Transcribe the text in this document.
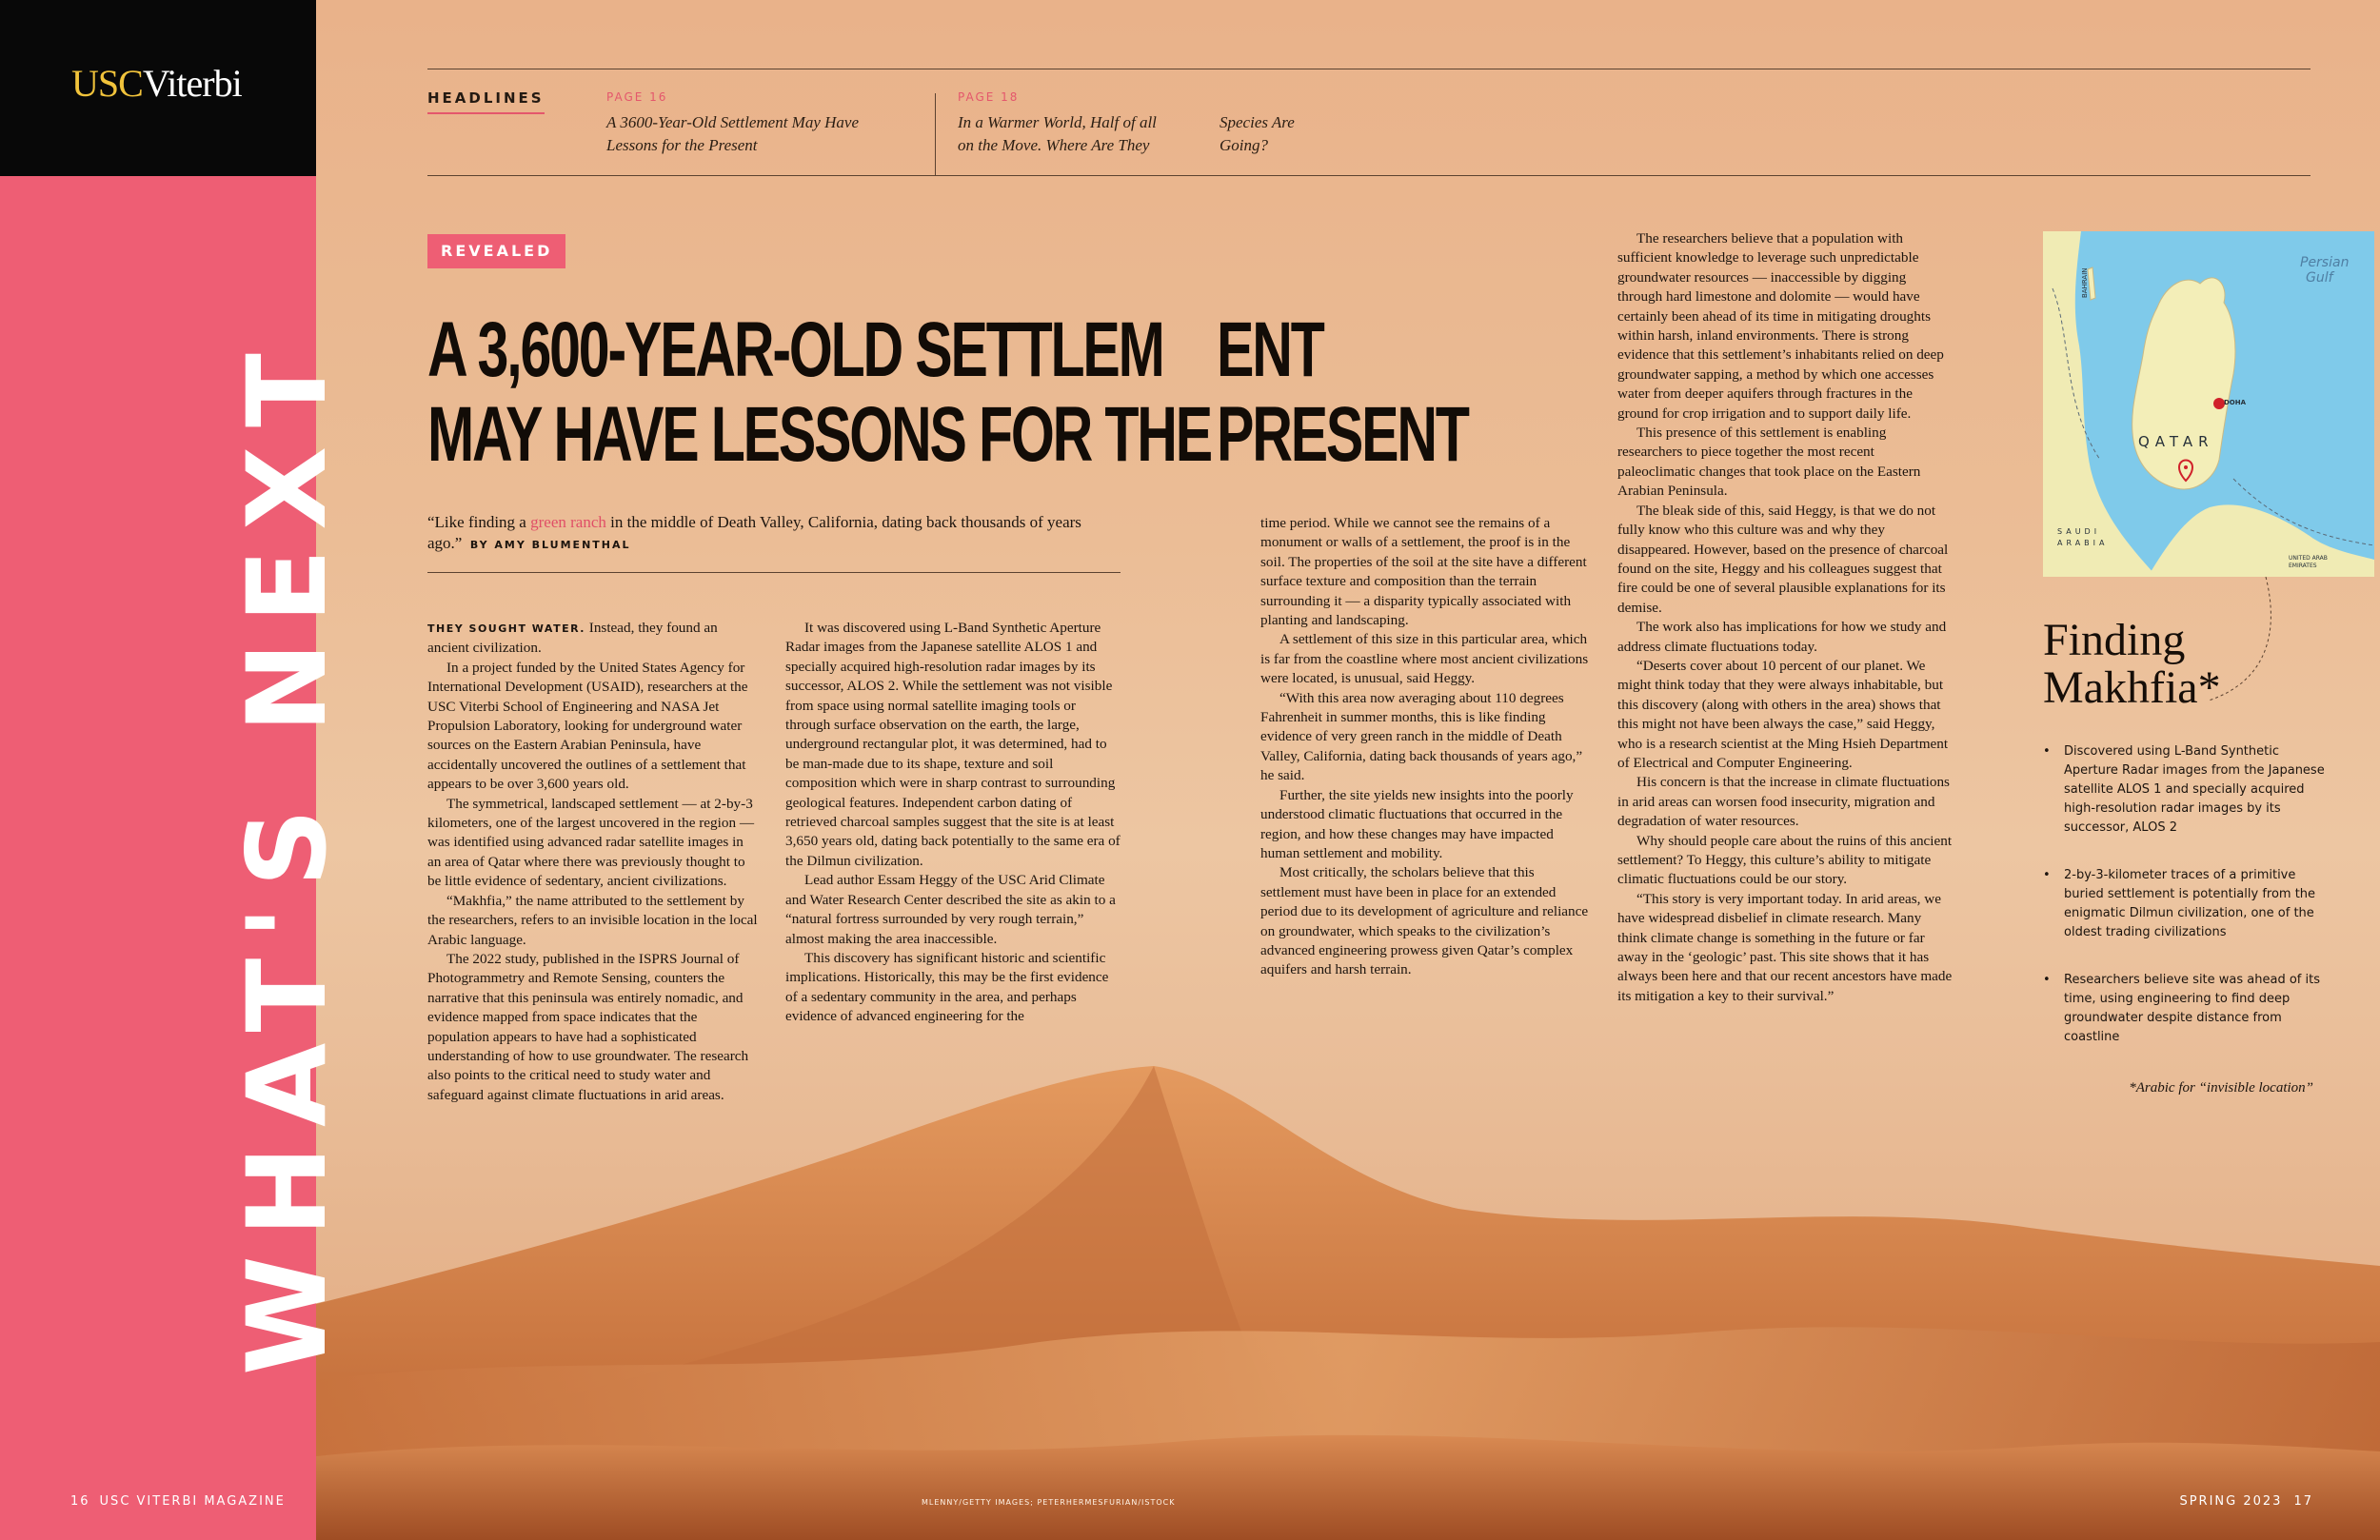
USCViterbi
WHAT'S NEXT
16 USC VITERBI MAGAZINE
HEADLINES	PAGE 16
A 3600-Year-Old Settlement May Have
Lessons for the Present
PAGE 18
In a Warmer World, Half of all
on the Move. Where Are They
Species Are
Going?
REVEALED
A 3,600-YEAR-OLD SETTLEM ENT
MAY HAVE LESSONS FOR THE PRESENT
“Like finding a green ranch in the middle of Death Valley, California, dating back thousands of years ago.” BY AMY BLUMENTHAL

THEY SOUGHT WATER. Instead, they found an ancient civilization.

In a project funded by the United States Agency for International Development (USAID), researchers at the USC Viterbi School of Engineering and NASA Jet Propulsion Laboratory, looking for underground water sources on the Eastern Arabian Peninsula, have accidentally uncovered the outlines of a settlement that appears to be over 3,600 years old.

The symmetrical, landscaped settlement — at 2-by-3 kilometers, one of the largest uncovered in the region — was identified using advanced radar satellite images in an area of Qatar where there was previously thought to be little evidence of sedentary, ancient civilizations.

“Makhfia,” the name attributed to the settlement by the researchers, refers to an invisible location in the local Arabic language.

The 2022 study, published in the ISPRS Journal of Photogrammetry and Remote Sensing, counters the narrative that this peninsula was entirely nomadic, and evidence mapped from space indicates that the population appears to have had a sophisticated understanding of how to use groundwater. The research also points to the critical need to study water and safeguard against climate fluctuations in arid areas.

It was discovered using L-Band Synthetic Aperture Radar images from the Japanese satellite ALOS 1 and specially acquired high-resolution radar images by its successor, ALOS 2. While the settlement was not visible from space using normal satellite imaging tools or through surface observation on the earth, the large, underground rectangular plot, it was determined, had to be man-made due to its shape, texture and soil composition which were in sharp contrast to surrounding geological features. Independent carbon dating of retrieved charcoal samples suggest that the site is at least 3,650 years old, dating back potentially to the same era of the Dilmun civilization.

Lead author Essam Heggy of the USC Arid Climate and Water Research Center described the site as akin to a “natural fortress surrounded by very rough terrain,” almost making the area inaccessible.

This discovery has significant historic and scientific implications. Historically, this may be the first evidence of a sedentary community in the area, and perhaps evidence of advanced engineering for the

time period. While we cannot see the remains of a monument or walls of a settlement, the proof is in the soil. The properties of the soil at the site have a different surface texture and composition than the terrain surrounding it — a disparity typically associated with planting and landscaping.

A settlement of this size in this particular area, which is far from the coastline where most ancient civilizations were located, is unusual, said Heggy.

“With this area now averaging about 110 degrees Fahrenheit in summer months, this is like finding evidence of very green ranch in the middle of Death Valley, California, dating back thousands of years ago,” he said.

Further, the site yields new insights into the poorly understood climatic fluctuations that occurred in the region, and how these changes may have impacted human settlement and mobility.

Most critically, the scholars believe that this settlement must have been in place for an extended period due to its development of agriculture and reliance on groundwater, which speaks to the civilization’s advanced engineering prowess given Qatar’s complex aquifers and harsh terrain.

The researchers believe that a population with sufficient knowledge to leverage such unpredictable groundwater resources — inaccessible by digging through hard limestone and dolomite — would have certainly been ahead of its time in mitigating droughts within harsh, inland environments. There is strong evidence that this settlement’s inhabitants relied on deep groundwater sapping, a method by which one accesses water from deeper aquifers through fractures in the ground for crop irrigation and to support daily life.

This presence of this settlement is enabling researchers to piece together the most recent paleoclimatic changes that took place on the Eastern Arabian Peninsula.

The bleak side of this, said Heggy, is that we do not fully know who this culture was and why they disappeared. However, based on the presence of charcoal found on the site, Heggy and his colleagues suggest that fire could be one of several plausible explanations for its demise.

The work also has implications for how we study and address climate fluctuations today.

“Deserts cover about 10 percent of our planet. We might think today that they were always inhabitable, but this discovery (along with others in the area) shows that this might not have been always the case,” said Heggy, who is a research scientist at the Ming Hsieh Department of Electrical and Computer Engineering.

His concern is that the increase in climate fluctuations in arid areas can worsen food insecurity, migration and degradation of water resources.

Why should people care about the ruins of this ancient settlement? To Heggy, this culture’s ability to mitigate climatic fluctuations could be our story.

“This story is very important today. In arid areas, we have widespread disbelief in climate research. Many think climate change is something in the future or far away in the ‘geologic’ past. This site shows that it has always been here and that our recent ancestors have made its mitigation a key to their survival.”

Persian
Gulf
BAHRAIN
QATAR
DOHA
SAUDI
ARABIA
UNITED ARAB
EMIRATES
Finding
Makhfia*
• Discovered using L-Band Synthetic Aperture Radar images from the Japanese satellite ALOS 1 and specially acquired high-resolution radar images by its successor, ALOS 2
• 2-by-3-kilometer traces of a primitive buried settlement is potentially from the enigmatic Dilmun civilization, one of the oldest trading civilizations
• Researchers believe site was ahead of its time, using engineering to find deep groundwater despite distance from coastline
*Arabic for “invisible location”
MLENNY/GETTY IMAGES; PETERHERMESFURIAN/ISTOCK	SPRING 2023 17
